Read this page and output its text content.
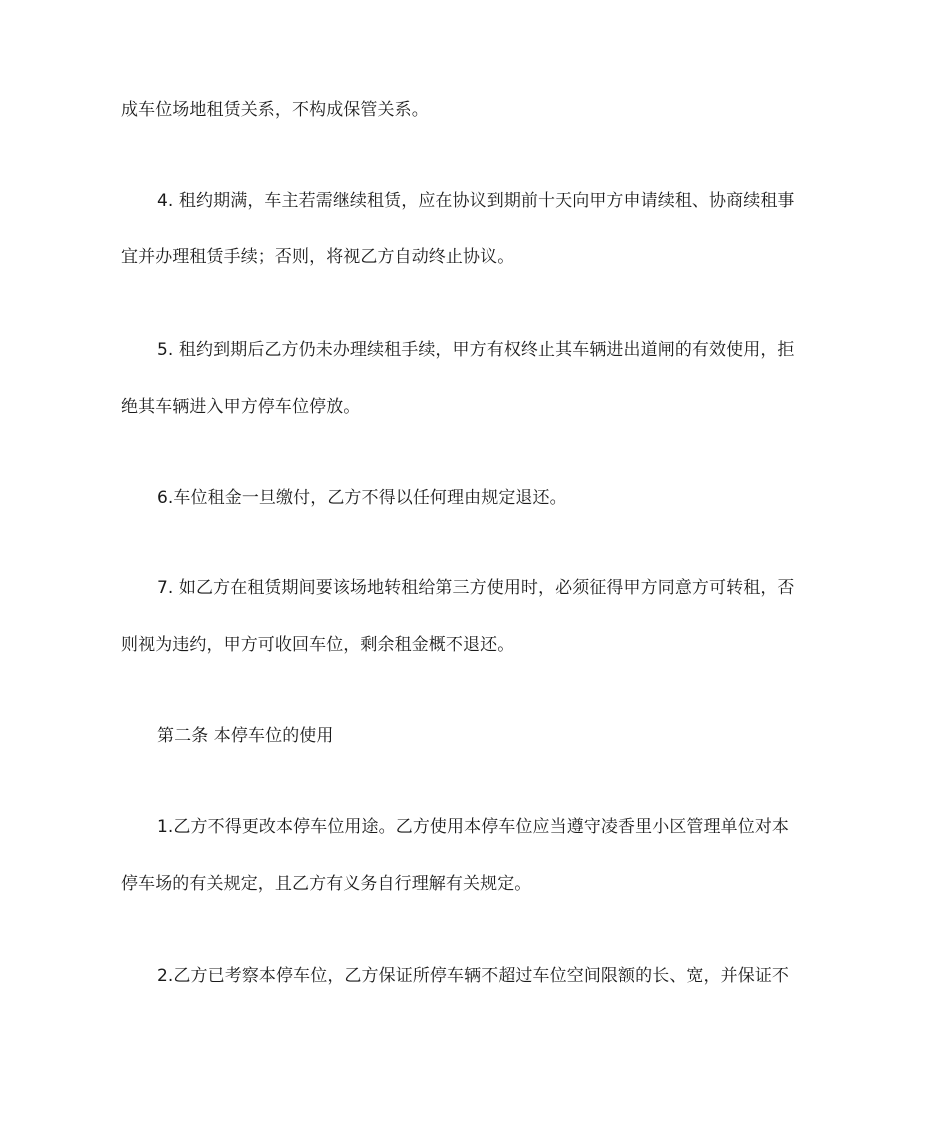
成车位场地租赁关系，不构成保管关系。
4. 租约期满，车主若需继续租赁，应在协议到期前十天向甲方申请续租、协商续租事
宜并办理租赁手续；否则，将视乙方自动终止协议。
5. 租约到期后乙方仍未办理续租手续，甲方有权终止其车辆进出道闸的有效使用，拒
绝其车辆进入甲方停车位停放。
6.车位租金一旦缴付，乙方不得以任何理由规定退还。
7. 如乙方在租赁期间要该场地转租给第三方使用时，必须征得甲方同意方可转租，否
则视为违约，甲方可收回车位，剩余租金概不退还。
第二条 本停车位的使用
1.乙方不得更改本停车位用途。乙方使用本停车位应当遵守凌香里小区管理单位对本
停车场的有关规定，且乙方有义务自行理解有关规定。
2.乙方已考察本停车位，乙方保证所停车辆不超过车位空间限额的长、宽，并保证不
